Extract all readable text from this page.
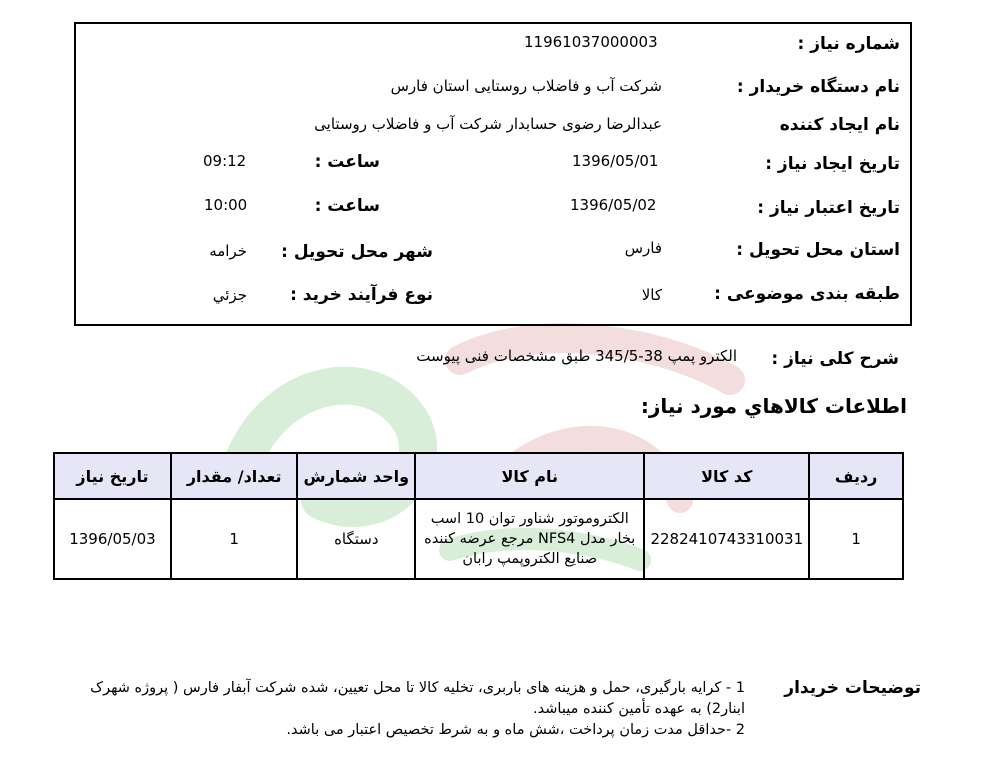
شماره نیاز :
11961037000003
نام دستگاه خریدار :
شرکت آب و فاضلاب روستایی استان فارس
نام ایجاد کننده
عبدالرضا رضوی حسابدار شرکت آب و فاضلاب روستایی
تاریخ ایجاد نیاز :
1396/05/01
ساعت :
09:12
تاریخ اعتبار نیاز :
1396/05/02
ساعت :
10:00
استان محل تحویل :
فارس
شهر محل تحویل :
خرامه
طبقه بندی موضوعی :
کالا
نوع فرآیند خرید :
جزئي
شرح کلی نیاز :
الکترو پمپ 38-345/5 طبق مشخصات فنی پیوست
اطلاعات کالاهاي مورد نیاز:
ردیف	کد کالا	نام کالا	واحد شمارش	تعداد/ مقدار	تاریخ نیاز
1	2282410743310031	الکتروموتور شناور توان 10 اسب بخار مدل NFS4 مرجع عرضه کننده صنایع الکتروپمپ رابان	دستگاه	1	1396/05/03
توضیحات خریدار
1 - کرایه بارگیری، حمل و هزینه های باربری، تخلیه کالا تا محل تعیین، شده شرکت آبفار فارس ( پروژه شهرک ابنار2) به عهده تأمین کننده میباشد.
2 -حداقل مدت زمان پرداخت ،شش ماه و به شرط تخصیص اعتبار می باشد.
